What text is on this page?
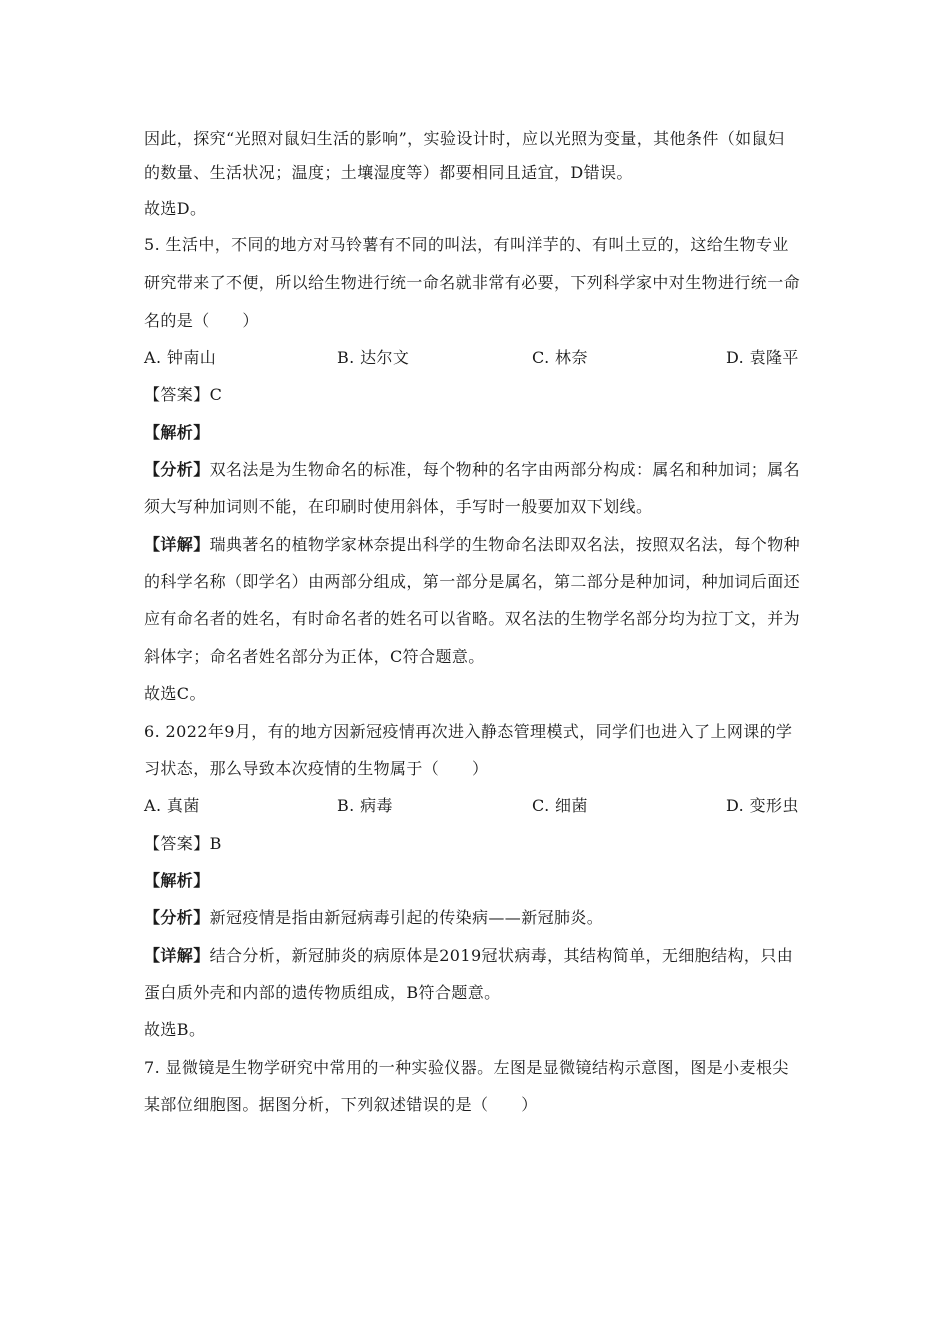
因此，探究“光照对鼠妇生活的影响”，实验设计时，应以光照为变量，其他条件（如鼠妇
的数量、生活状况；温度；土壤湿度等）都要相同且适宜，D错误。
故选D。
5. 生活中，不同的地方对马铃薯有不同的叫法，有叫洋芋的、有叫土豆的，这给生物专业
研究带来了不便，所以给生物进行统一命名就非常有必要，下列科学家中对生物进行统一命
名的是（　　）
A. 钟南山	B. 达尔文	C. 林奈	D. 袁隆平
【答案】C
【解析】
【分析】双名法是为生物命名的标准，每个物种的名字由两部分构成：属名和种加词；属名
须大写种加词则不能，在印刷时使用斜体，手写时一般要加双下划线。
【详解】瑞典著名的植物学家林奈提出科学的生物命名法即双名法，按照双名法，每个物种
的科学名称（即学名）由两部分组成，第一部分是属名，第二部分是种加词，种加词后面还
应有命名者的姓名，有时命名者的姓名可以省略。双名法的生物学名部分均为拉丁文，并为
斜体字；命名者姓名部分为正体，C符合题意。
故选C。
6. 2022年9月，有的地方因新冠疫情再次进入静态管理模式，同学们也进入了上网课的学
习状态，那么导致本次疫情的生物属于（　　）
A. 真菌	B. 病毒	C. 细菌	D. 变形虫
【答案】B
【解析】
【分析】新冠疫情是指由新冠病毒引起的传染病——新冠肺炎。
【详解】结合分析，新冠肺炎的病原体是2019冠状病毒，其结构简单，无细胞结构，只由
蛋白质外壳和内部的遗传物质组成，B符合题意。
故选B。
7. 显微镜是生物学研究中常用的一种实验仪器。左图是显微镜结构示意图，图是小麦根尖
某部位细胞图。据图分析，下列叙述错误的是（　　）
